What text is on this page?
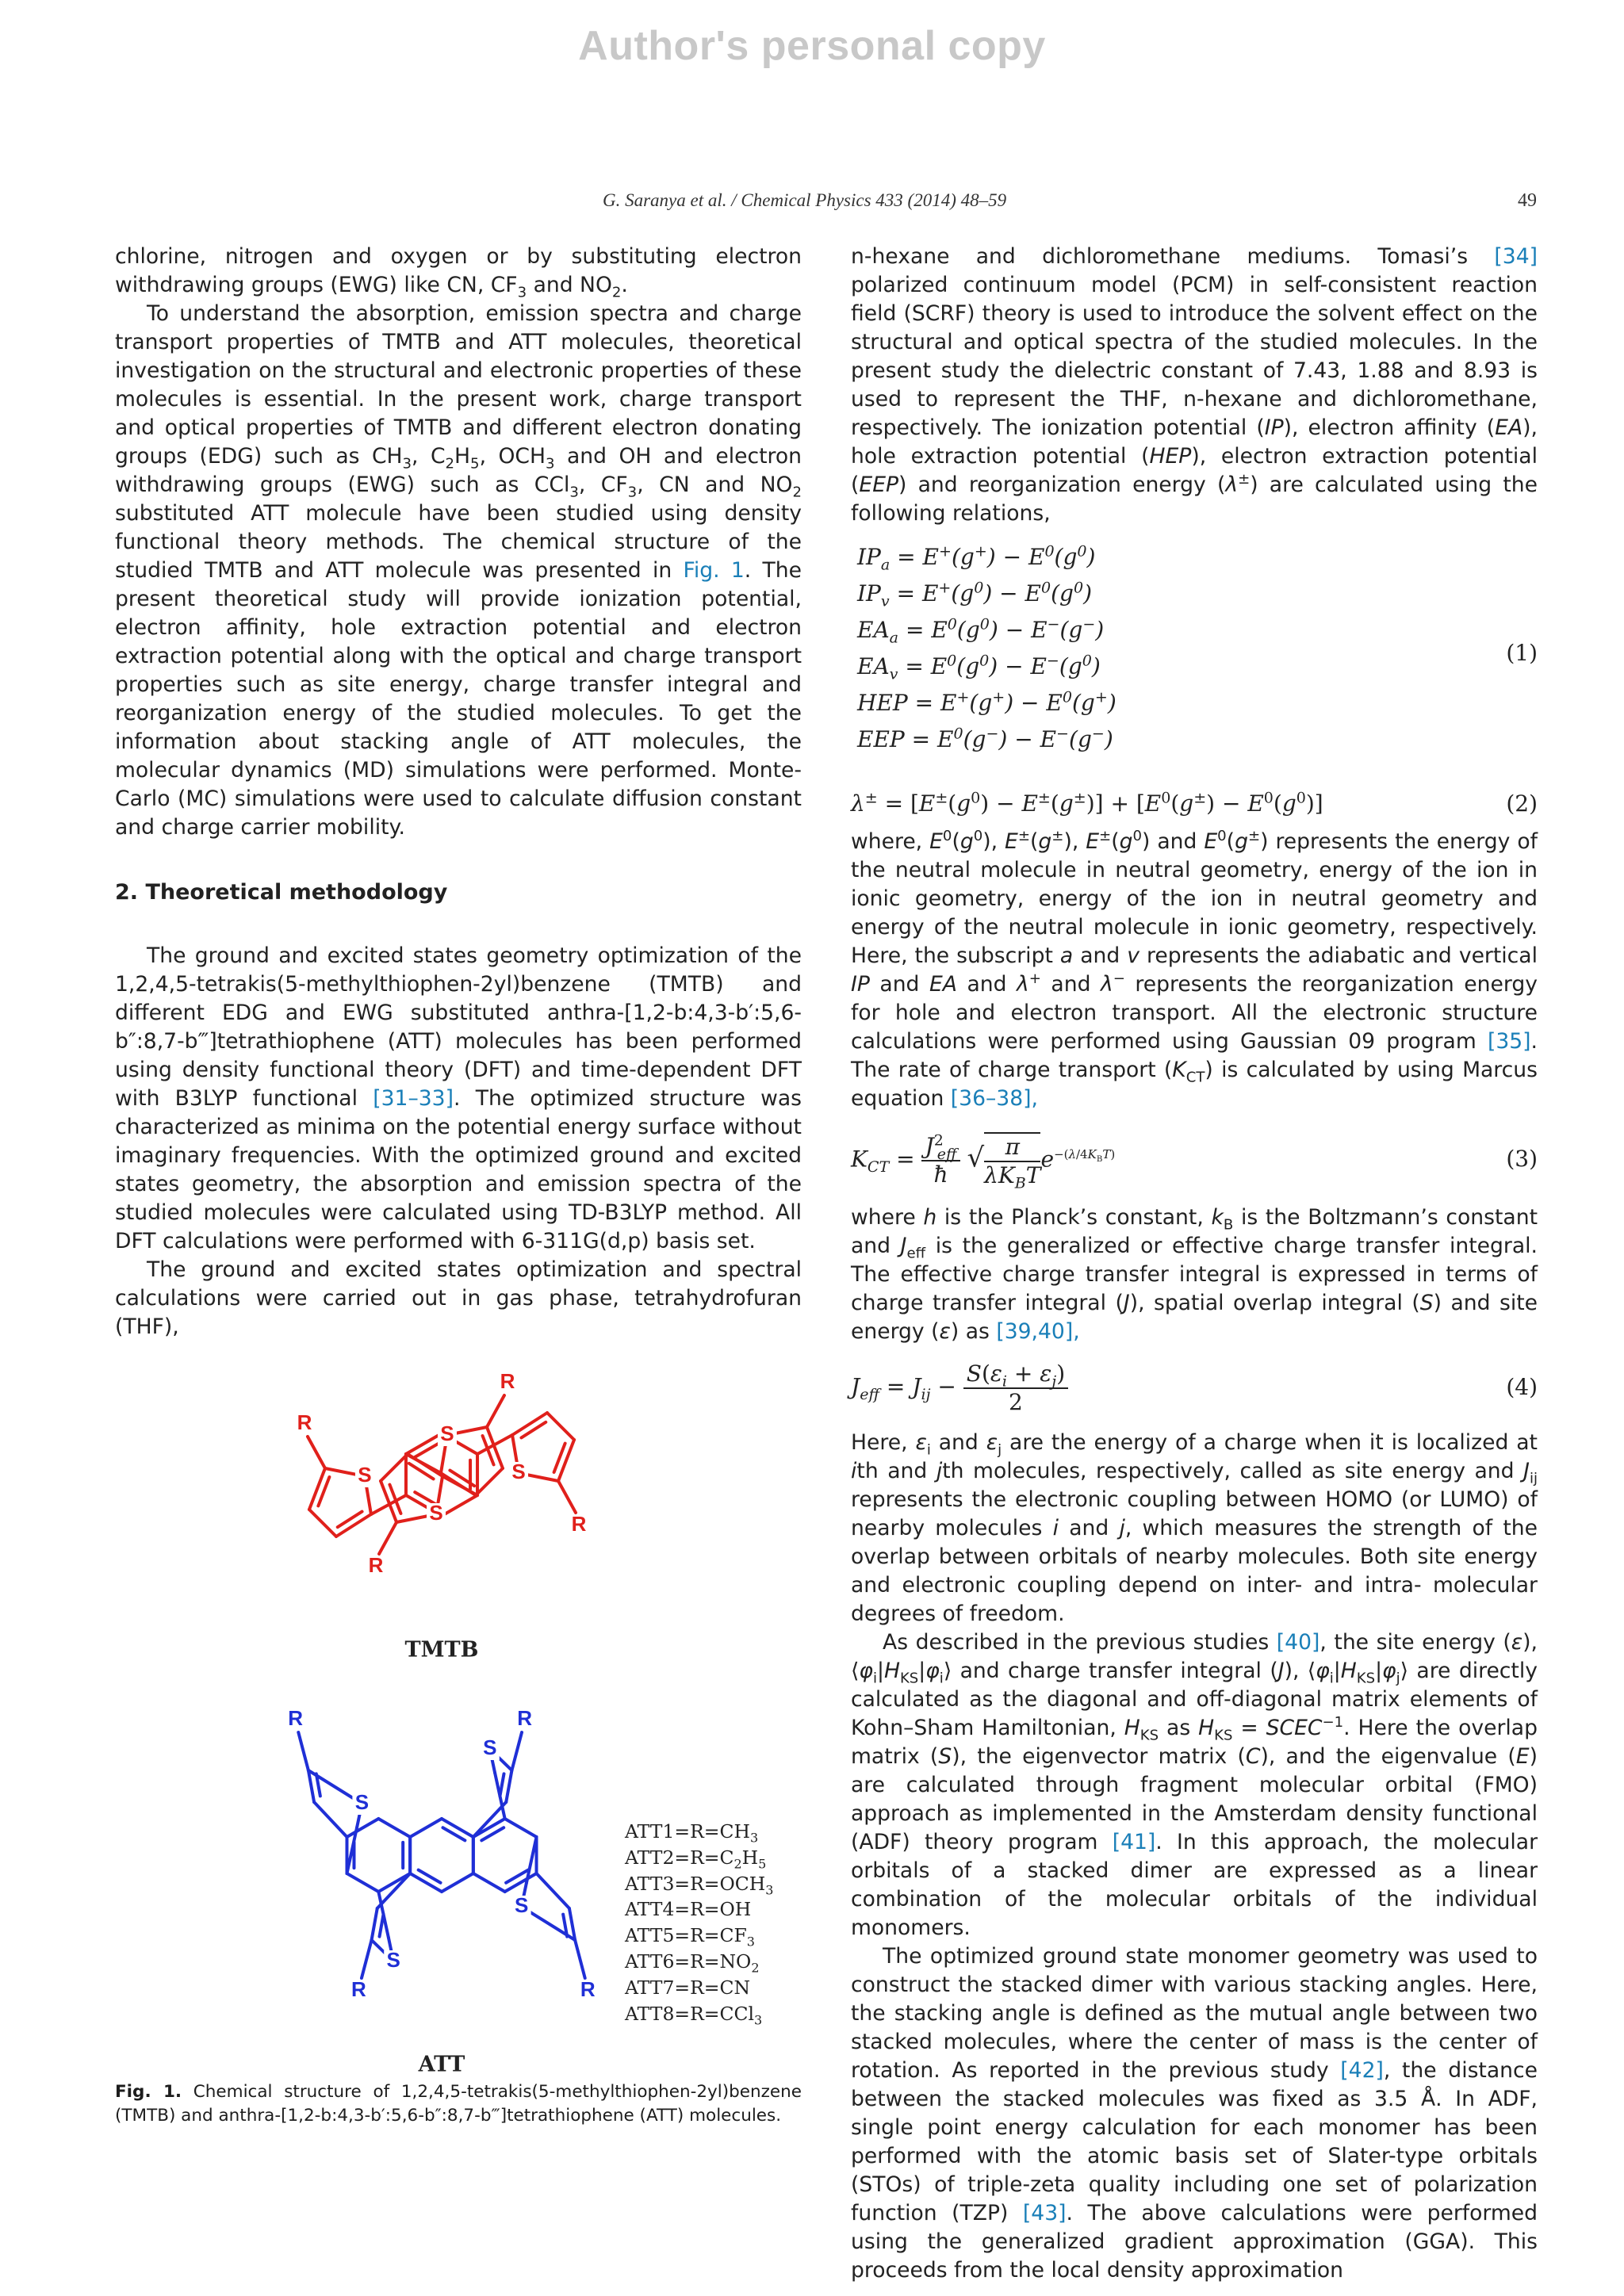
Author's personal copy
G. Saranya et al. / Chemical Physics 433 (2014) 48–59	49

chlorine, nitrogen and oxygen or by substituting electron withdrawing groups (EWG) like CN, $CF_3$ and $NO_2$.

To understand the absorption, emission spectra and charge transport properties of TMTB and ATT molecules, theoretical investigation on the structural and electronic properties of these molecules is essential. In the present work, charge transport and optical properties of TMTB and different electron donating groups (EDG) such as $CH_3$, $C_2H_5$, $OCH_3$ and OH and electron withdrawing groups (EWG) such as CCl$_3$, $CF_3$, CN and $NO_2$ substituted ATT molecule have been studied using density functional theory methods. The chemical structure of the studied TMTB and ATT molecule was presented in Fig. 1. The present theoretical study will provide ionization potential, electron affinity, hole extraction potential and electron extraction potential along with the optical and charge transport properties such as site energy, charge transfer integral and reorganization energy of the studied molecules. To get the information about stacking angle of ATT molecules, the molecular dynamics (MD) simulations were performed. Monte-Carlo (MC) simulations were used to calculate diffusion constant and charge carrier mobility.

2. Theoretical methodology

The ground and excited states geometry optimization of the 1,2,4,5-tetrakis(5-methylthiophen-2yl)benzene (TMTB) and different EDG and EWG substituted anthra-[1,2-b:4,3-b′:5,6-b″:8,7-b‴]tetrathiophene (ATT) molecules has been performed using density functional theory (DFT) and time-dependent DFT with B3LYP functional [31–33]. The optimized structure was characterized as minima on the potential energy surface without imaginary frequencies. With the optimized ground and excited states geometry, the absorption and emission spectra of the studied molecules were calculated using TD-B3LYP method. All DFT calculations were performed with 6-311G(d,p) basis set.

The ground and excited states optimization and spectral calculations were carried out in gas phase, tetrahydrofuran (THF),

S
R
S
R
S
R
S
R
TMTB
S
R
S
R
S
R
S
R
ATT
$ATT1=R=CH_3$
$ATT2=R=C_2H_5$
$ATT3=R=OCH_3$
ATT4=R=OH
$ATT5=R=CF_3$
$ATT6=R=NO_2$
ATT7=R=CN
ATT8=R=CCl$_3$
Fig. 1. Chemical structure of 1,2,4,5-tetrakis(5-methylthiophen-2yl)benzene (TMTB) and anthra-[1,2-b:4,3-b′:5,6-b″:8,7-b‴]tetrathiophene (ATT) molecules.

n-hexane and dichloromethane mediums. Tomasi’s [34] polarized continuum model (PCM) in self-consistent reaction field (SCRF) theory is used to introduce the solvent effect on the structural and optical spectra of the studied molecules. In the present study the dielectric constant of 7.43, 1.88 and 8.93 is used to represent the THF, n-hexane and dichloromethane, respectively. The ionization potential (IP), electron affinity (EA), hole extraction potential (HEP), electron extraction potential (EEP) and reorganization energy (λ±) are calculated using the following relations,

$IP_a = E^+(g^+) - E^0(g^0)$
$IP_v = E^+(g^0) - E^0(g^0)$
$EA_a = E^0(g^0) - E^-(g^-)$
$EA_v = E^0(g^0) - E^-(g^0)$
HEP = $E^+(g^+) - E^0(g^+)$
EEP = $E^0(g^-) - E^-(g^-)$
(1)
$\lambda^\pm = [E^\pm(g^0) - E^\pm(g^\pm)] + [E^0(g^\pm) - E^0(g^0)]$	(2)

where, $E^0(g^0)$, E±(g±), $E^\pm(g^0)$ and $E^0(g^\pm)$ represents the energy of the neutral molecule in neutral geometry, energy of the ion in ionic geometry, energy of the ion in neutral geometry and energy of the neutral molecule in ionic geometry, respectively. Here, the subscript a and v represents the adiabatic and vertical IP and EA and λ+ and λ− represents the reorganization energy for hole and electron transport. All the electronic structure calculations were performed using Gaussian 09 program [35]. The rate of charge transport $(K_{CT})$ is calculated by using Marcus equation [36–38],

$K_{CT} = \frac{J^2_{eff}}{ħ}$ √ $\frac{\pi}{\lambda K_BT} e^{-(\lambda/4K_BT)}$	(3)

where h is the Planck’s constant, $k_B$ is the Boltzmann’s constant and $J_{eff}$ is the generalized or effective charge transfer integral. The effective charge transfer integral is expressed in terms of charge transfer integral (J), spatial overlap integral (S) and site energy (ε) as [39,40],

$J_{eff} = J_{ij} - \frac{S(\varepsilon_i + \varepsilon_j)}{2}$	(4)

Here, $\varepsilon_i$ and $\varepsilon_j$ are the energy of a charge when it is localized at ith and jth molecules, respectively, called as site energy and $J_{ij}$ represents the electronic coupling between HOMO (or LUMO) of nearby molecules i and j, which measures the strength of the overlap between orbitals of nearby molecules. Both site energy and electronic coupling depend on inter- and intra- molecular degrees of freedom.

As described in the previous studies [40], the site energy (ε), $⟨\varphi_i|H_{KS}|\varphi_i⟩$ and charge transfer integral (J), $⟨\varphi_i|H_{KS}|\varphi_j⟩$ are directly calculated as the diagonal and off-diagonal matrix elements of Kohn–Sham Hamiltonian, $H_{KS}$ as $H_{KS}$ = $SCEC^{-1}$. Here the overlap matrix (S), the eigenvector matrix (C), and the eigenvalue (E) are calculated through fragment molecular orbital (FMO) approach as implemented in the Amsterdam density functional (ADF) theory program [41]. In this approach, the molecular orbitals of a stacked dimer are expressed as a linear combination of the molecular orbitals of the individual monomers.

The optimized ground state monomer geometry was used to construct the stacked dimer with various stacking angles. Here, the stacking angle is defined as the mutual angle between two stacked molecules, where the center of mass is the center of rotation. As reported in the previous study [42], the distance between the stacked molecules was fixed as 3.5 Å. In ADF, single point energy calculation for each monomer has been performed with the atomic basis set of Slater-type orbitals (STOs) of triple-zeta quality including one set of polarization function (TZP) [43]. The above calculations were performed using the generalized gradient approximation (GGA). This proceeds from the local density approximation
